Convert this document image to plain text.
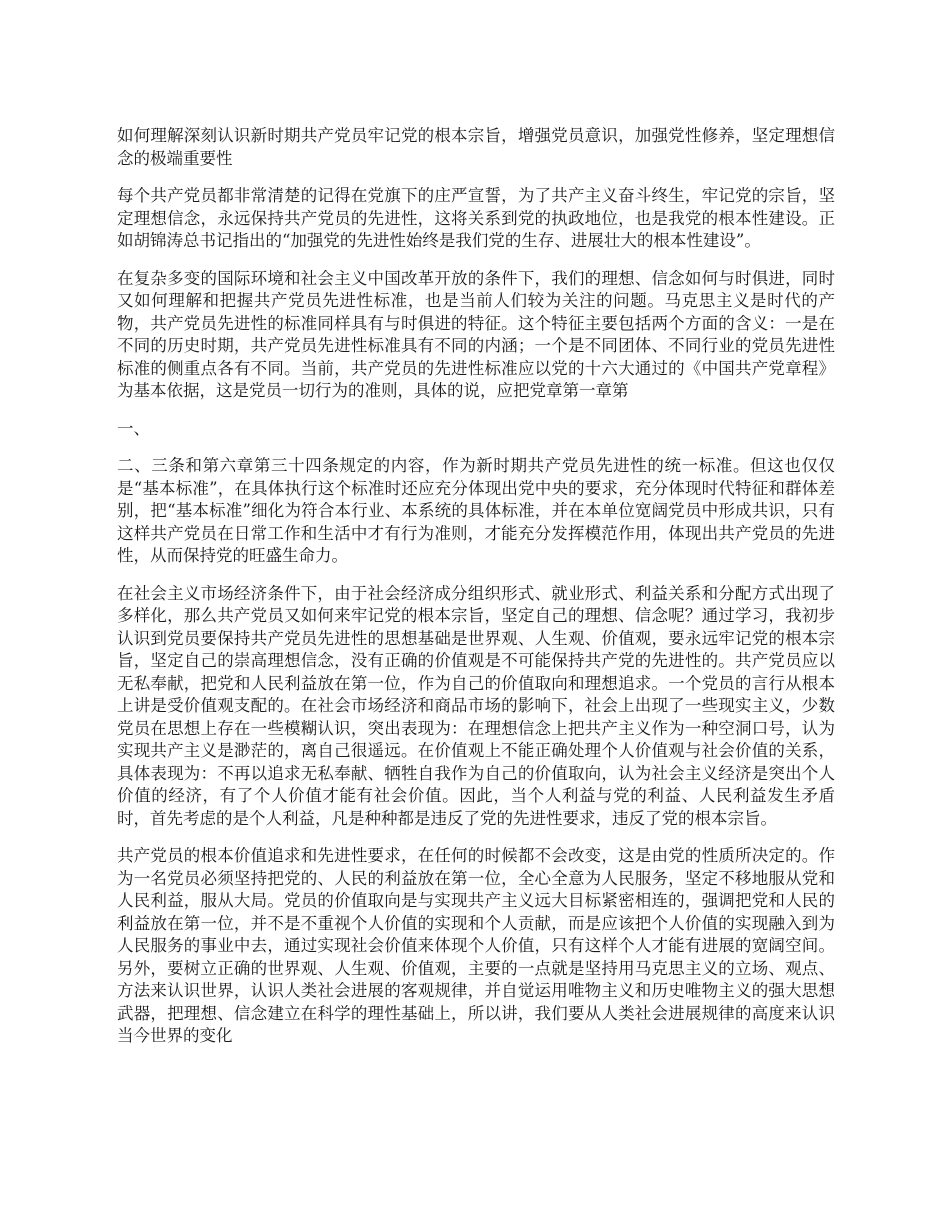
如何理解深刻认识新时期共产党员牢记党的根本宗旨，增强党员意识，加强党性修养，坚定理想信念的极端重要性

每个共产党员都非常清楚的记得在党旗下的庄严宣誓，为了共产主义奋斗终生，牢记党的宗旨，坚定理想信念，永远保持共产党员的先进性，这将关系到党的执政地位，也是我党的根本性建设。正如胡锦涛总书记指出的“加强党的先进性始终是我们党的生存、进展壮大的根本性建设”。

在复杂多变的国际环境和社会主义中国改革开放的条件下，我们的理想、信念如何与时俱进，同时又如何理解和把握共产党员先进性标准，也是当前人们较为关注的问题。马克思主义是时代的产物，共产党员先进性的标准同样具有与时俱进的特征。这个特征主要包括两个方面的含义：一是在不同的历史时期，共产党员先进性标准具有不同的内涵；一个是不同团体、不同行业的党员先进性标准的侧重点各有不同。当前，共产党员的先进性标准应以党的十六大通过的《中国共产党章程》为基本依据，这是党员一切行为的准则，具体的说，应把党章第一章第

一、

二、三条和第六章第三十四条规定的内容，作为新时期共产党员先进性的统一标准。但这也仅仅是“基本标准”，在具体执行这个标准时还应充分体现出党中央的要求，充分体现时代特征和群体差别，把“基本标准”细化为符合本行业、本系统的具体标准，并在本单位宽阔党员中形成共识，只有这样共产党员在日常工作和生活中才有行为准则，才能充分发挥模范作用，体现出共产党员的先进性，从而保持党的旺盛生命力。

在社会主义市场经济条件下，由于社会经济成分组织形式、就业形式、利益关系和分配方式出现了多样化，那么共产党员又如何来牢记党的根本宗旨，坚定自己的理想、信念呢？通过学习，我初步认识到党员要保持共产党员先进性的思想基础是世界观、人生观、价值观，要永远牢记党的根本宗旨，坚定自己的崇高理想信念，没有正确的价值观是不可能保持共产党的先进性的。共产党员应以无私奉献，把党和人民利益放在第一位，作为自己的价值取向和理想追求。一个党员的言行从根本上讲是受价值观支配的。在社会市场经济和商品市场的影响下，社会上出现了一些现实主义，少数党员在思想上存在一些模糊认识，突出表现为：在理想信念上把共产主义作为一种空洞口号，认为实现共产主义是渺茫的，离自己很遥远。在价值观上不能正确处理个人价值观与社会价值的关系，具体表现为：不再以追求无私奉献、牺牲自我作为自己的价值取向，认为社会主义经济是突出个人价值的经济，有了个人价值才能有社会价值。因此，当个人利益与党的利益、人民利益发生矛盾时，首先考虑的是个人利益，凡是种种都是违反了党的先进性要求，违反了党的根本宗旨。

共产党员的根本价值追求和先进性要求，在任何的时候都不会改变，这是由党的性质所决定的。作为一名党员必须坚持把党的、人民的利益放在第一位，全心全意为人民服务，坚定不移地服从党和人民利益，服从大局。党员的价值取向是与实现共产主义远大目标紧密相连的，强调把党和人民的利益放在第一位，并不是不重视个人价值的实现和个人贡献，而是应该把个人价值的实现融入到为人民服务的事业中去，通过实现社会价值来体现个人价值，只有这样个人才能有进展的宽阔空间。另外，要树立正确的世界观、人生观、价值观，主要的一点就是坚持用马克思主义的立场、观点、方法来认识世界，认识人类社会进展的客观规律，并自觉运用唯物主义和历史唯物主义的强大思想武器，把理想、信念建立在科学的理性基础上，所以讲，我们要从人类社会进展规律的高度来认识当今世界的变化
